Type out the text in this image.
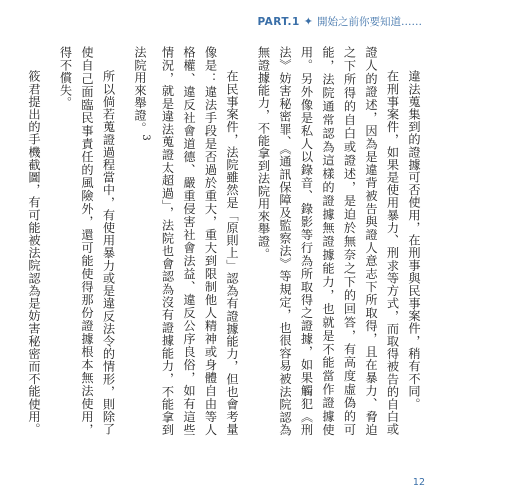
PART.1 ✦ 開始之前你要知道……

違法蒐集到的證據可否使用，在刑事與民事案件，稍有不同。

在刑事案件，如果是使用暴力、刑求等方式，而取得被告的自白或證人的證述，因為是違背被告與證人意志下所取得，且在暴力、脅迫之下所得的自白或證述，是迫於無奈之下的回答，有高度虛偽的可能，法院通常認為這樣的證據無證據能力，也就是不能當作證據使用。另外像是私人以錄音、錄影等行為所取得之證據，如果觸犯《刑法》妨害秘密罪、《通訊保障及監察法》等規定，也很容易被法院認為無證據能力，不能拿到法院用來舉證。

在民事案件，法院雖然是「原則上」認為有證據能力，但也會考量像是：違法手段是否過於重大，重大到限制他人精神或身體自由等人格權、違反社會道德、嚴重侵害社會法益、違反公序良俗，如有這些情況，就是違法蒐證太超過」，法院也會認為沒有證據能力，不能拿到法院用來舉證。$^3$

所以倘若蒐證過程當中，有使用暴力或是違反法令的情形，則除了使自己面臨民事責任的風險外，還可能使得那份證據根本無法使用，得不償失。

筱君提出的手機截圖，有可能被法院認為是妨害秘密而不能使用。

12
